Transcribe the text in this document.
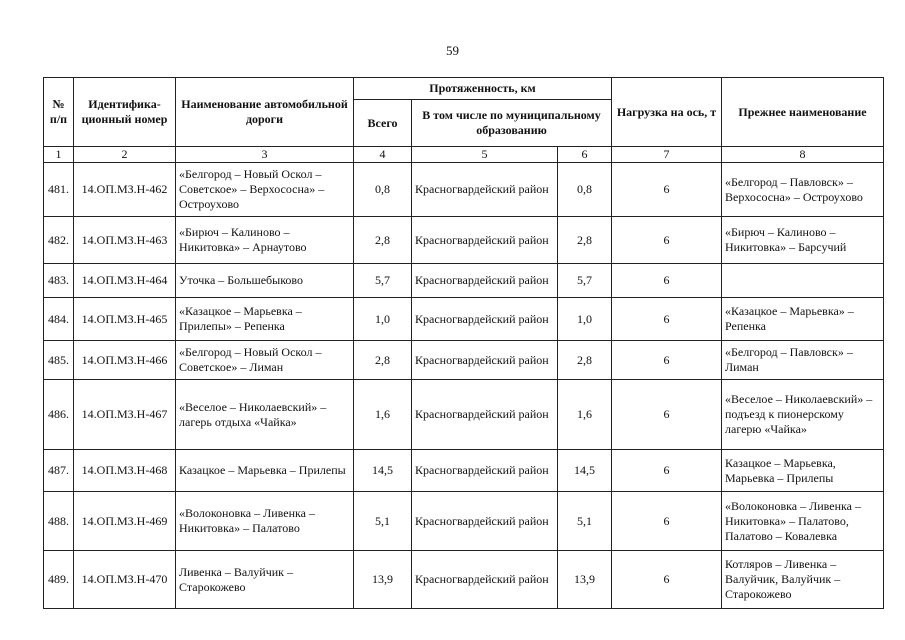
59
№ п/п	Идентифика-ционный номер	Наименование автомобильной дороги	Протяженность, км			Нагрузка на ось, т	Прежнее наименование
			Всего	В том числе по муниципальному образованию			
1	2	3	4	5	6	7	8
481.	14.ОП.МЗ.Н-462	«Белгород – Новый Оскол – Советское» – Верхососна» – Остроухово	0,8	Красногвардейский район	0,8	6	«Белгород – Павловск» – Верхососна» – Остроухово
482.	14.ОП.МЗ.Н-463	«Бирюч – Калиново – Никитовка» – Арнаутово	2,8	Красногвардейский район	2,8	6	«Бирюч – Калиново – Никитовка» – Барсучий
483.	14.ОП.МЗ.Н-464	Уточка – Большебыково	5,7	Красногвардейский район	5,7	6	
484.	14.ОП.МЗ.Н-465	«Казацкое – Марьевка – Прилепы» – Репенка	1,0	Красногвардейский район	1,0	6	«Казацкое – Марьевка» – Репенка
485.	14.ОП.МЗ.Н-466	«Белгород – Новый Оскол – Советское» – Лиман	2,8	Красногвардейский район	2,8	6	«Белгород – Павловск» – Лиман
486.	14.ОП.МЗ.Н-467	«Веселое – Николаевский» – лагерь отдыха «Чайка»	1,6	Красногвардейский район	1,6	6	«Веселое – Николаевский» – подъезд к пионерскому лагерю «Чайка»
487.	14.ОП.МЗ.Н-468	Казацкое – Марьевка – Прилепы	14,5	Красногвардейский район	14,5	6	Казацкое – Марьевка, Марьевка – Прилепы
488.	14.ОП.МЗ.Н-469	«Волоконовка – Ливенка – Никитовка» – Палатово	5,1	Красногвардейский район	5,1	6	«Волоконовка – Ливенка – Никитовка» – Палатово, Палатово – Ковалевка
489.	14.ОП.МЗ.Н-470	Ливенка – Валуйчик – Старокожево	13,9	Красногвардейский район	13,9	6	Котляров – Ливенка – Валуйчик, Валуйчик – Старокожево
